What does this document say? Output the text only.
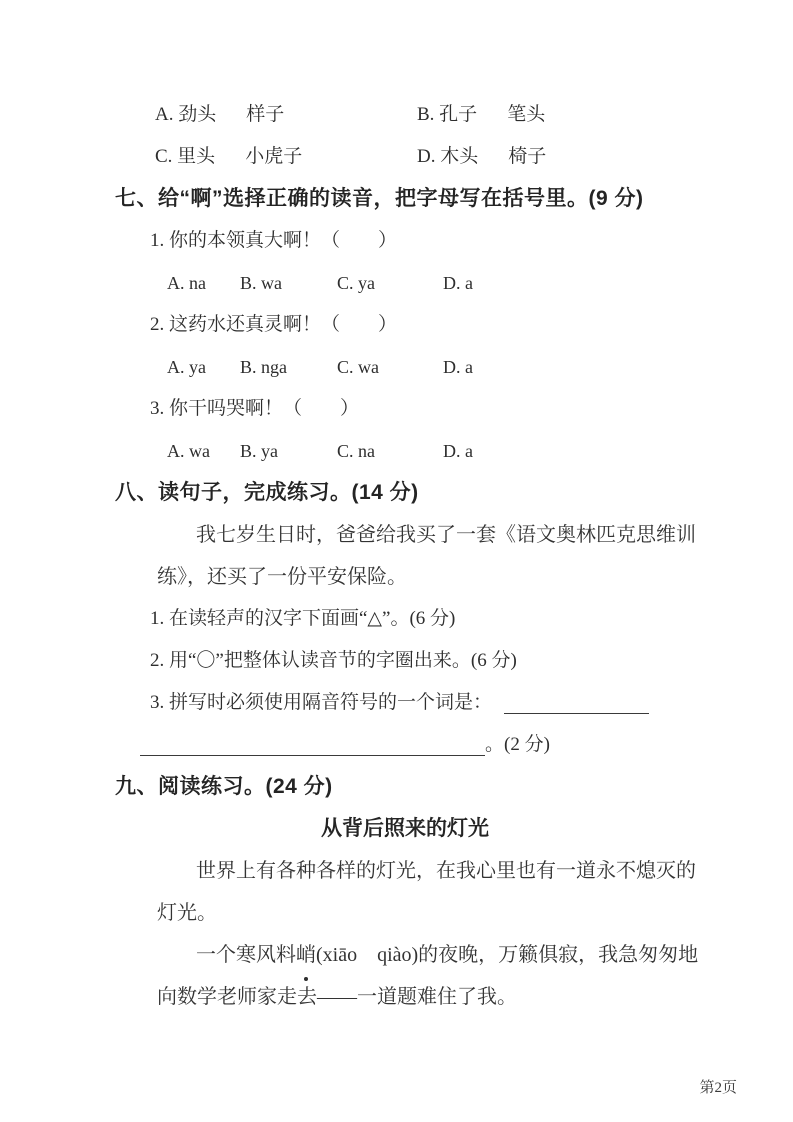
A. 劲头 样子	B. 孔子 笔头
C. 里头 小虎子	D. 木头 椅子
七、给“啊”选择正确的读音，把字母写在括号里。(9 分)
1. 你的本领真大啊！（　　）
A. na	B. wa	C. ya	D. a
2. 这药水还真灵啊！（　　）
A. ya	B. nga	C. wa	D. a
3. 你干吗哭啊！（　　）
A. wa	B. ya	C. na	D. a
八、读句子，完成练习。(14 分)
我七岁生日时，爸爸给我买了一套《语文奥林匹克思维训
练》，还买了一份平安保险。
1. 在读轻声的汉字下面画“△”。(6 分)
2. 用“〇”把整体认读音节的字圈出来。(6 分)
3. 拼写时必须使用隔音符号的一个词是：
。(2 分)
九、阅读练习。(24 分)
从背后照来的灯光
世界上有各种各样的灯光，在我心里也有一道永不熄灭的
灯光。
一个寒风料峭(xiāo　qiào)的夜晚，万籁俱寂，我急匆匆地
向数学老师家走去——一道题难住了我。
第2页
